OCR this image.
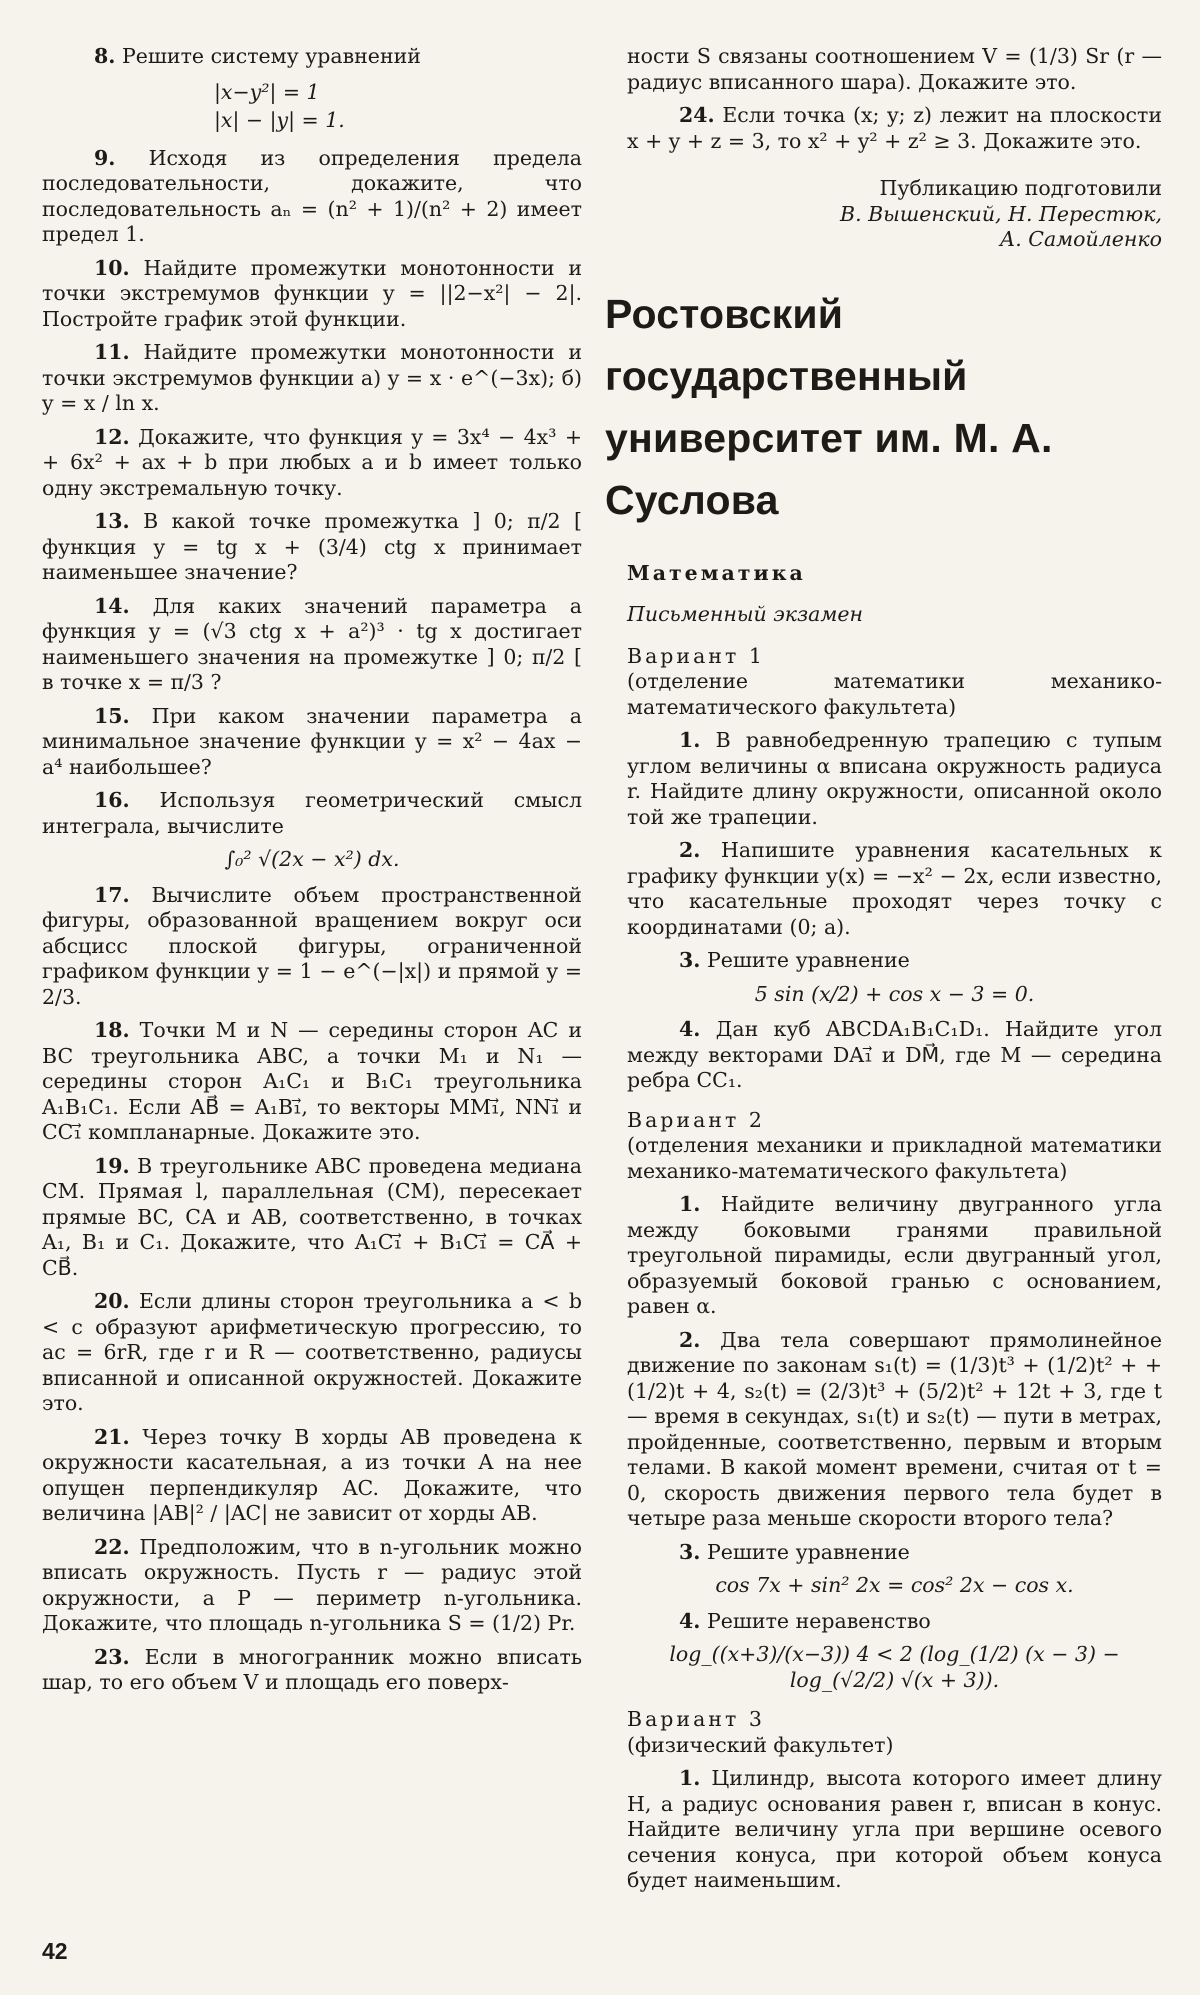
8. Решите систему уравнений

|x−y²| = 1
|x| − |y| = 1.

9. Исходя из определения предела последовательности, докажите, что последовательность aₙ = (n² + 1)/(n² + 2) имеет предел 1.

10. Найдите промежутки монотонности и точки экстремумов функции y = ||2−x²| − 2|. Постройте график этой функции.

11. Найдите промежутки монотонности и точки экстремумов функции а) y = x · e^(−3x); б) y = x / ln x.

12. Докажите, что функция y = 3x⁴ − 4x³ + + 6x² + ax + b при любых a и b имеет только одну экстремальную точку.

13. В какой точке промежутка ] 0; π/2 [ функция y = tg x + (3/4) ctg x принимает наименьшее значение?

14. Для каких значений параметра a функция y = (√3 ctg x + a²)³ · tg x достигает наименьшего значения на промежутке ] 0; π/2 [ в точке x = π/3 ?

15. При каком значении параметра a минимальное значение функции y = x² − 4ax − a⁴ наибольшее?

16. Используя геометрический смысл интеграла, вычислите

∫₀² √(2x − x²) dx.

17. Вычислите объем пространственной фигуры, образованной вращением вокруг оси абсцисс плоской фигуры, ограниченной графиком функции y = 1 − e^(−|x|) и прямой y = 2/3.

18. Точки M и N — середины сторон AC и BC треугольника ABC, а точки M₁ и N₁ — середины сторон A₁C₁ и B₁C₁ треугольника A₁B₁C₁. Если AB⃗ = A₁B₁⃗, то векторы MM₁⃗, NN₁⃗ и CC₁⃗ компланарные. Докажите это.

19. В треугольнике ABC проведена медиана CM. Прямая l, параллельная (CM), пересекает прямые BC, CA и AB, соответственно, в точках A₁, B₁ и C₁. Докажите, что A₁C₁⃗ + B₁C₁⃗ = CA⃗ + CB⃗.

20. Если длины сторон треугольника a < b < c образуют арифметическую прогрессию, то ac = 6rR, где r и R — соответственно, радиусы вписанной и описанной окружностей. Докажите это.

21. Через точку B хорды AB проведена к окружности касательная, а из точки A на нее опущен перпендикуляр AC. Докажите, что величина |AB|² / |AC| не зависит от хорды AB.

22. Предположим, что в n-угольник можно вписать окружность. Пусть r — радиус этой окружности, а P — периметр n-угольника. Докажите, что площадь n-угольника S = (1/2) Pr.

23. Если в многогранник можно вписать шар, то его объем V и площадь его поверх-

ности S связаны соотношением V = (1/3) Sr (r — радиус вписанного шара). Докажите это.

24. Если точка (x; y; z) лежит на плоскости x + y + z = 3, то x² + y² + z² ≥ 3. Докажите это.

Публикацию подготовили
В. Вышенский, Н. Перестюк,
А. Самойленко
Ростовский государственный университет им. М. А. Суслова
Математика
Письменный экзамен
Вариант 1
(отделение математики механико-математического факультета)

1. В равнобедренную трапецию с тупым углом величины α вписана окружность радиуса r. Найдите длину окружности, описанной около той же трапеции.

2. Напишите уравнения касательных к графику функции y(x) = −x² − 2x, если известно, что касательные проходят через точку с координатами (0; a).

3. Решите уравнение

5 sin (x/2) + cos x − 3 = 0.

4. Дан куб ABCDA₁B₁C₁D₁. Найдите угол между векторами DA₁⃗ и DM⃗, где M — середина ребра CC₁.

Вариант 2
(отделения механики и прикладной математики механико-математического факультета)

1. Найдите величину двугранного угла между боковыми гранями правильной треугольной пирамиды, если двугранный угол, образуемый боковой гранью с основанием, равен α.

2. Два тела совершают прямолинейное движение по законам s₁(t) = (1/3)t³ + (1/2)t² + + (1/2)t + 4, s₂(t) = (2/3)t³ + (5/2)t² + 12t + 3, где t — время в секундах, s₁(t) и s₂(t) — пути в метрах, пройденные, соответственно, первым и вторым телами. В какой момент времени, считая от t = 0, скорость движения первого тела будет в четыре раза меньше скорости второго тела?

3. Решите уравнение

cos 7x + sin² 2x = cos² 2x − cos x.

4. Решите неравенство

log_((x+3)/(x−3)) 4 < 2 (log_(1/2) (x − 3) − log_(√2/2) √(x + 3)).
Вариант 3
(физический факультет)

1. Цилиндр, высота которого имеет длину H, а радиус основания равен r, вписан в конус. Найдите величину угла при вершине осевого сечения конуса, при которой объем конуса будет наименьшим.

42
